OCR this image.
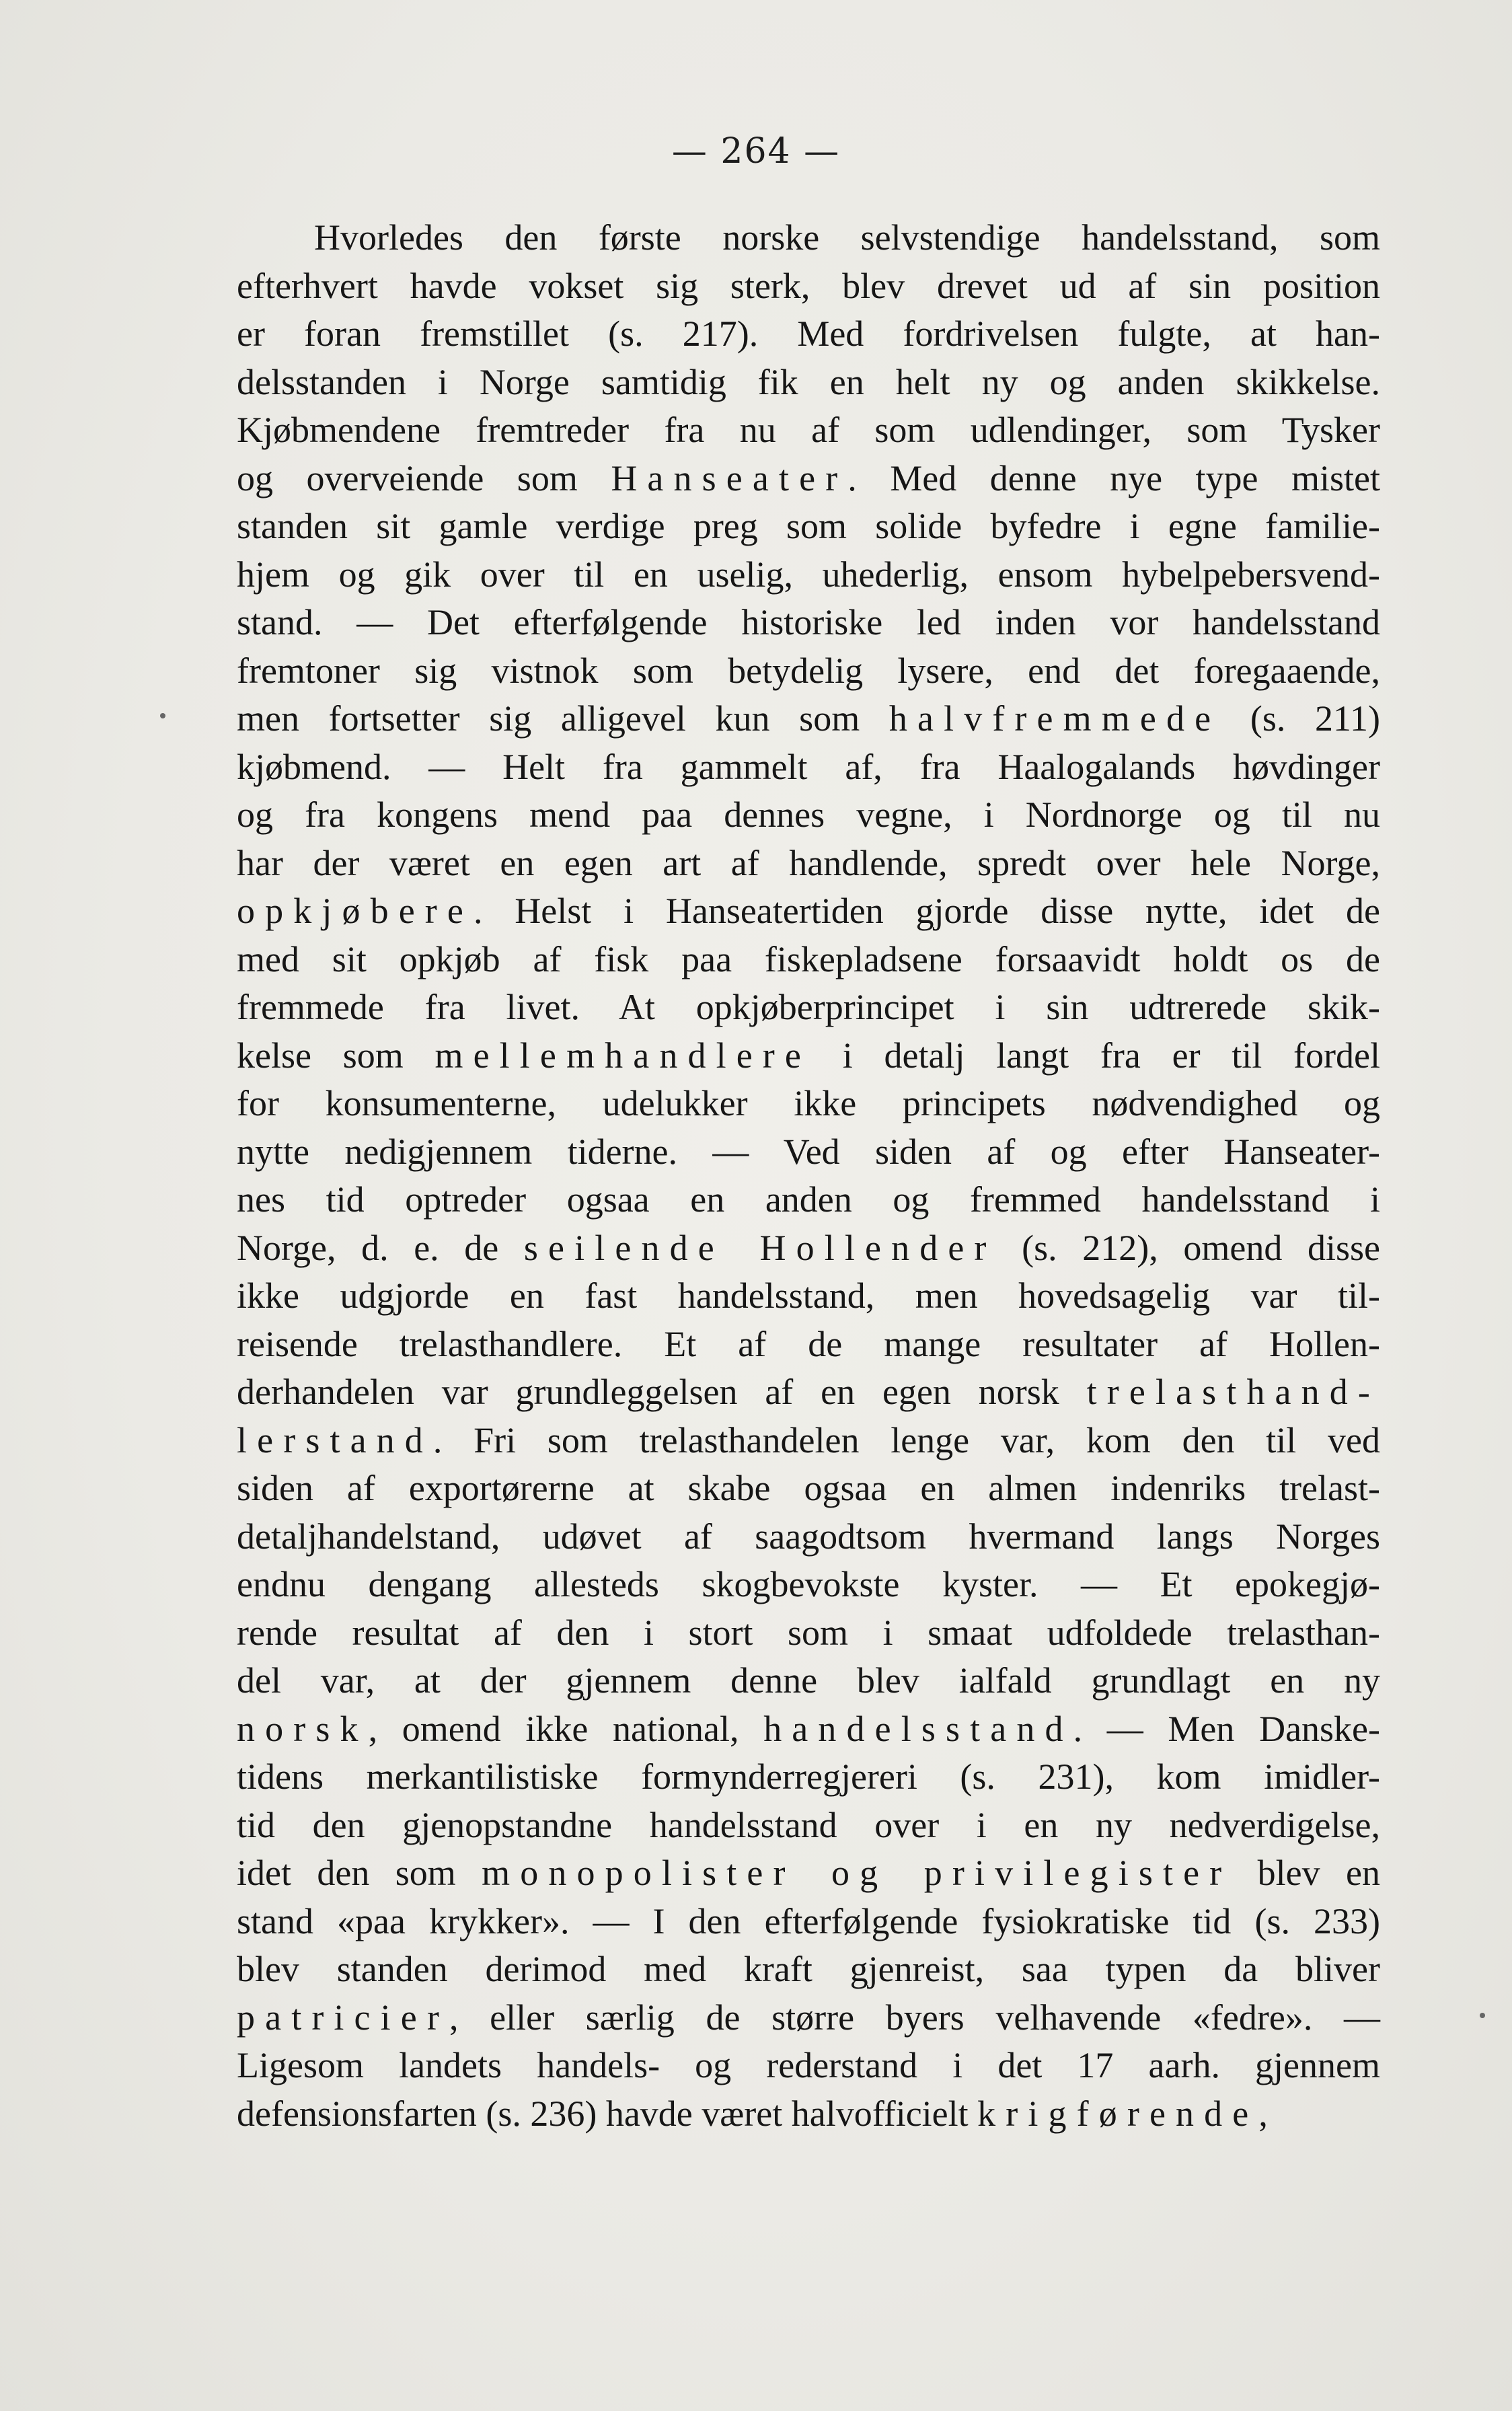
— 264 —
Hvorledes den første norske selvstendige handelsstand, som
efterhvert havde vokset sig sterk, blev drevet ud af sin position
er foran fremstillet (s. 217). Med fordrivelsen fulgte, at han-
delsstanden i Norge samtidig fik en helt ny og anden skikkelse.
Kjøbmendene fremtreder fra nu af som udlendinger, som Tysker
og overveiende som Hanseater. Med denne nye type mistet
standen sit gamle verdige preg som solide byfedre i egne familie-
hjem og gik over til en uselig, uhederlig, ensom hybelpebersvend-
stand. — Det efterfølgende historiske led inden vor handelsstand
fremtoner sig vistnok som betydelig lysere, end det foregaaende,
men fortsetter sig alligevel kun som halvfremmede (s. 211)
kjøbmend. — Helt fra gammelt af, fra Haalogalands høvdinger
og fra kongens mend paa dennes vegne, i Nordnorge og til nu
har der været en egen art af handlende, spredt over hele Norge,
opkjøbere. Helst i Hanseatertiden gjorde disse nytte, idet de
med sit opkjøb af fisk paa fiskepladsene forsaavidt holdt os de
fremmede fra livet. At opkjøberprincipet i sin udtrerede skik-
kelse som mellemhandlere i detalj langt fra er til fordel
for konsumenterne, udelukker ikke principets nødvendighed og
nytte nedigjennem tiderne. — Ved siden af og efter Hanseater-
nes tid optreder ogsaa en anden og fremmed handelsstand i
Norge, d. e. de seilende Hollender (s. 212), omend disse
ikke udgjorde en fast handelsstand, men hovedsagelig var til-
reisende trelasthandlere. Et af de mange resultater af Hollen-
derhandelen var grundleggelsen af en egen norsk trelasthand-
lerstand. Fri som trelasthandelen lenge var, kom den til ved
siden af exportørerne at skabe ogsaa en almen indenriks trelast-
detaljhandelstand, udøvet af saagodtsom hvermand langs Norges
endnu dengang allesteds skogbevokste kyster. — Et epokegjø-
rende resultat af den i stort som i smaat udfoldede trelasthan-
del var, at der gjennem denne blev ialfald grundlagt en ny
norsk, omend ikke national, handelsstand. — Men Danske-
tidens merkantilistiske formynderregjereri (s. 231), kom imidler-
tid den gjenopstandne handelsstand over i en ny nedverdigelse,
idet den som monopolister og privilegister blev en
stand «paa krykker». — I den efterfølgende fysiokratiske tid (s. 233)
blev standen derimod med kraft gjenreist, saa typen da bliver
patricier, eller særlig de større byers velhavende «fedre». —
Ligesom landets handels- og rederstand i det 17 aarh. gjennem
defensionsfarten (s. 236) havde været halvofficielt krigførende,
